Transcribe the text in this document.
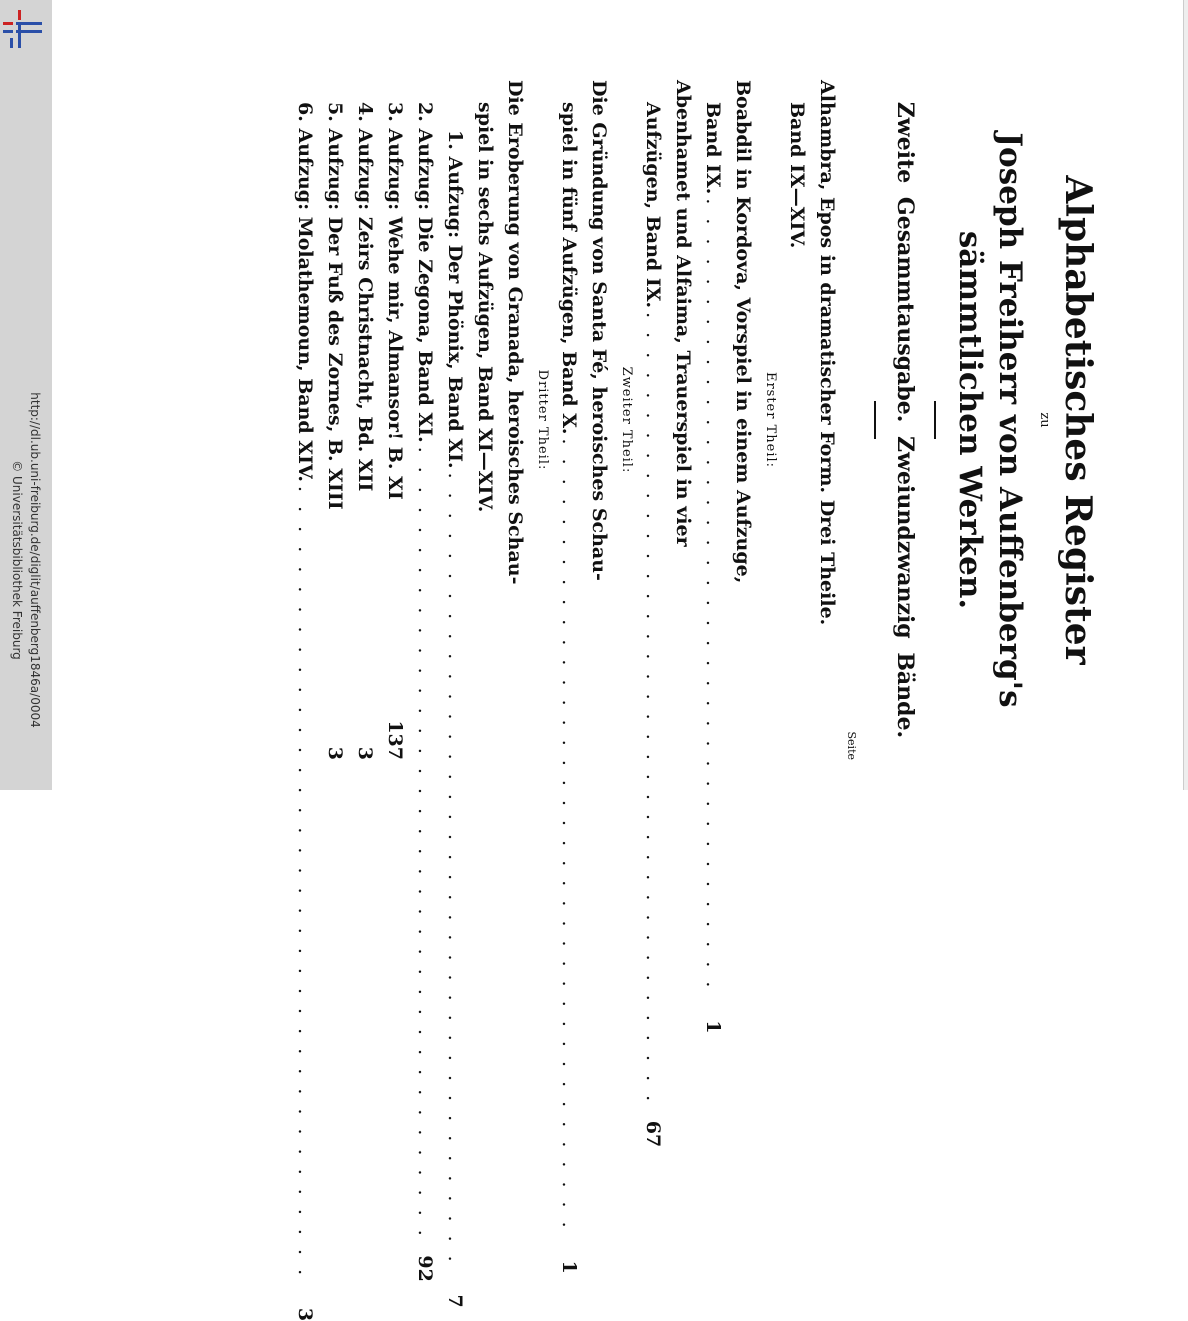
http://dl.ub.uni-freiburg.de/diglit/auffenberg1846a/0004
© Universitätsbibliothek Freiburg	Alphabetisches Register

zu

Joseph Freiherr von Auffenberg's

sämmtlichen Werken.

Zweite Gesammtausgabe. Zweiundzwanzig Bände.

Seite

Alhambra, Epos in dramatischer Form. Drei Theile.
Band IX—XIV.
Erster Theil:
Boabdil in Kordova, Vorspiel in einem Aufzuge,
Band IX.
. . . . . . . . . . . . . . . . . . . . . . . . . . . . . . . . . . . . . . . .
1
Abenhamet und Alfaima, Trauerspiel in vier
Aufzügen, Band IX.
. . . . . . . . . . . . . . . . . . . . . . . . . . . . . . . . . . . . . . . .
67
Zweiter Theil:
Die Gründung von Santa Fé, heroisches Schau-
spiel in fünf Aufzügen, Band X.
. . . . . . . . . . . . . . . . . . . . . . . . . . . . . . . . . . . . . . . .
1
Dritter Theil:
Die Eroberung von Granada, heroisches Schau-
spiel in sechs Aufzügen, Band XI—XIV.
1. Aufzug: Der Phönix, Band XI.
. . . . . . . . . . . . . . . . . . . . . . . . . . . . . . . . . . . . . . . .
7
2. Aufzug: Die Zegona, Band XI.
. . . . . . . . . . . . . . . . . . . . . . . . . . . . . . . . . . . . . . . .
92
3. Aufzug: Wehe mir, Almansor! B. XI
137
4. Aufzug: Zeirs Christnacht, Bd. XII
3
5. Aufzug: Der Fuß des Zornes, B. XIII
3
6. Aufzug: Molathemoun, Band XIV.
. . . . . . . . . . . . . . . . . . . . . . . . . . . . . . . . . . . . . . . .
3
